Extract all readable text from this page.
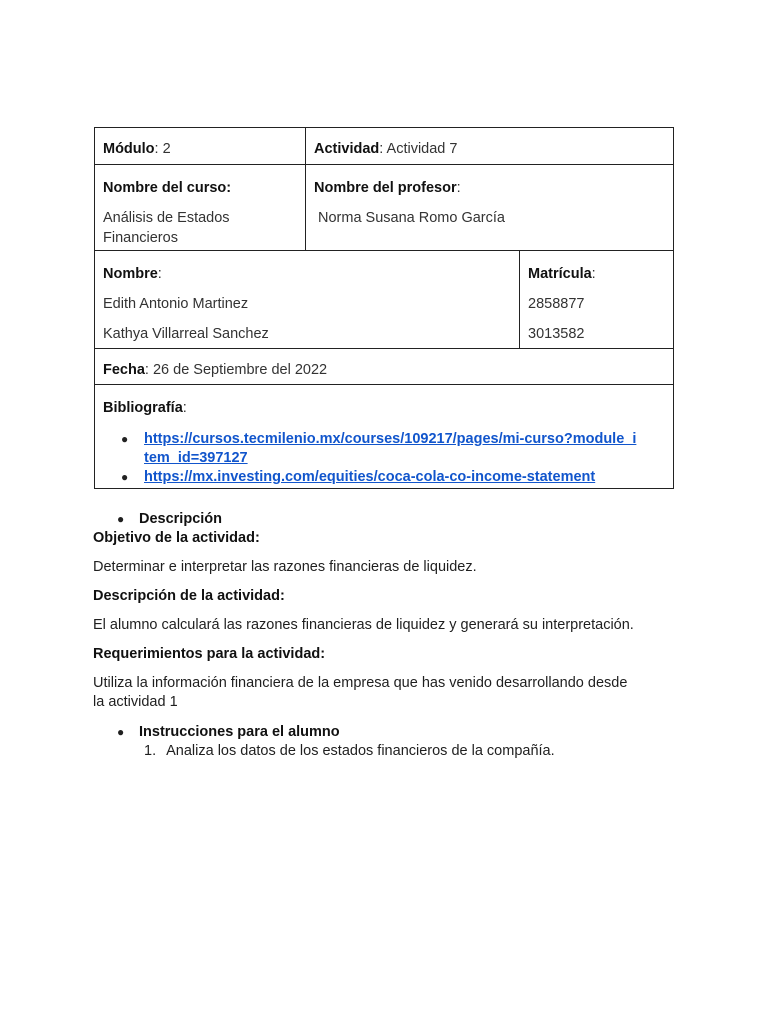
Módulo: 2	Actividad: Actividad 7
Nombre del curso:
Análisis de Estados
Financieros
Nombre del profesor:
Norma Susana Romo García
Nombre:
Edith Antonio Martinez
Kathya Villarreal Sanchez
Matrícula:
2858877
3013582
Fecha: 26 de Septiembre del 2022
Bibliografía:
● https://cursos.tecmilenio.mx/courses/109217/pages/mi-curso?module_i
tem_id=397127
● https://mx.investing.com/equities/coca-cola-co-income-statement
● Descripción
Objetivo de la actividad:
Determinar e interpretar las razones financieras de liquidez.
Descripción de la actividad:
El alumno calculará las razones financieras de liquidez y generará su interpretación.
Requerimientos para la actividad:
Utiliza la información financiera de la empresa que has venido desarrollando desde
la actividad 1
● Instrucciones para el alumno
1. Analiza los datos de los estados financieros de la compañía.
